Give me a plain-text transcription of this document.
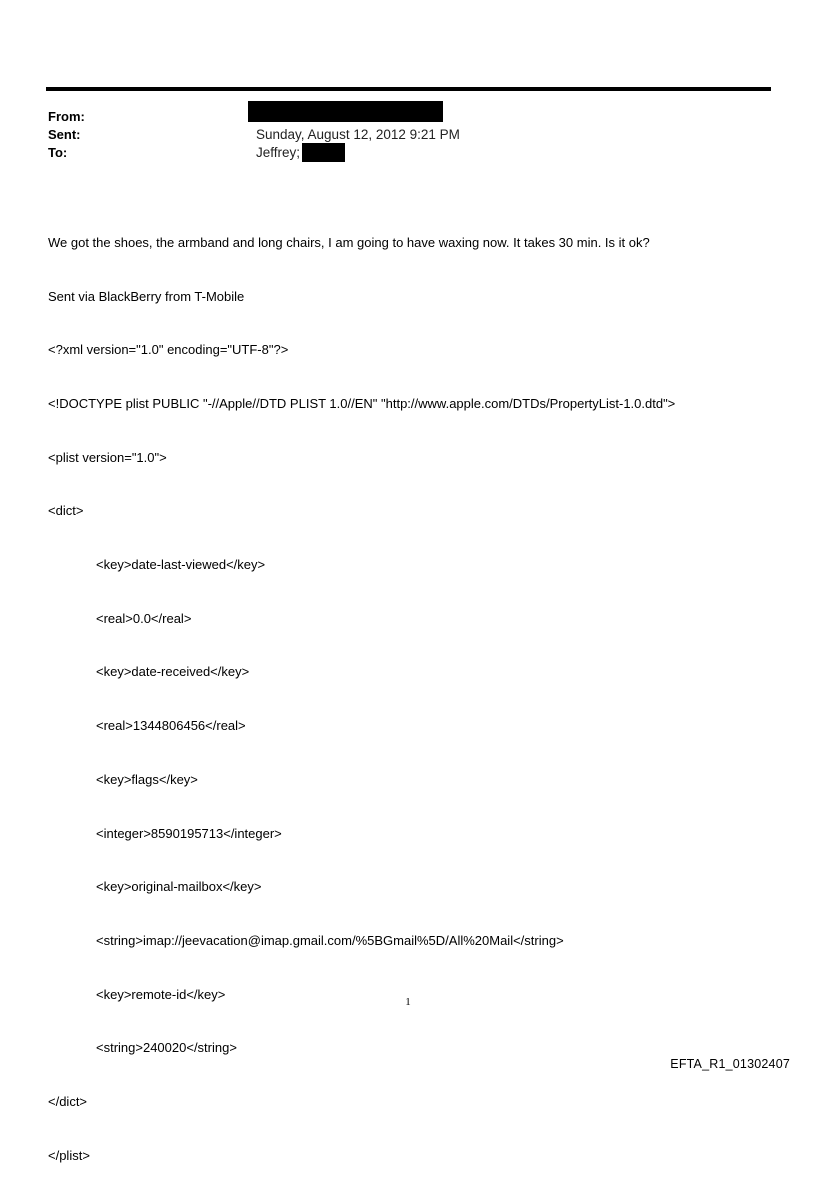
From:
Sent:
To:
Sunday, August 12, 2012 9:21 PM
Jeffrey;

We got the shoes, the armband and long chairs, I am going to have waxing now. It takes 30 min. Is it ok?

Sent via BlackBerry from T-Mobile

<?xml version="1.0" encoding="UTF-8"?>

<!DOCTYPE plist PUBLIC "-//Apple//DTD PLIST 1.0//EN" "http://www.apple.com/DTDs/PropertyList-1.0.dtd">

<plist version="1.0">

<dict>

<key>date-last-viewed</key>

<real>0.0</real>

<key>date-received</key>

<real>1344806456</real>

<key>flags</key>

<integer>8590195713</integer>

<key>original-mailbox</key>

<string>imap://jeevacation@imap.gmail.com/%5BGmail%5D/All%20Mail</string>

<key>remote-id</key>

<string>240020</string>

</dict>

</plist>

1
EFTA_R1_01302407
